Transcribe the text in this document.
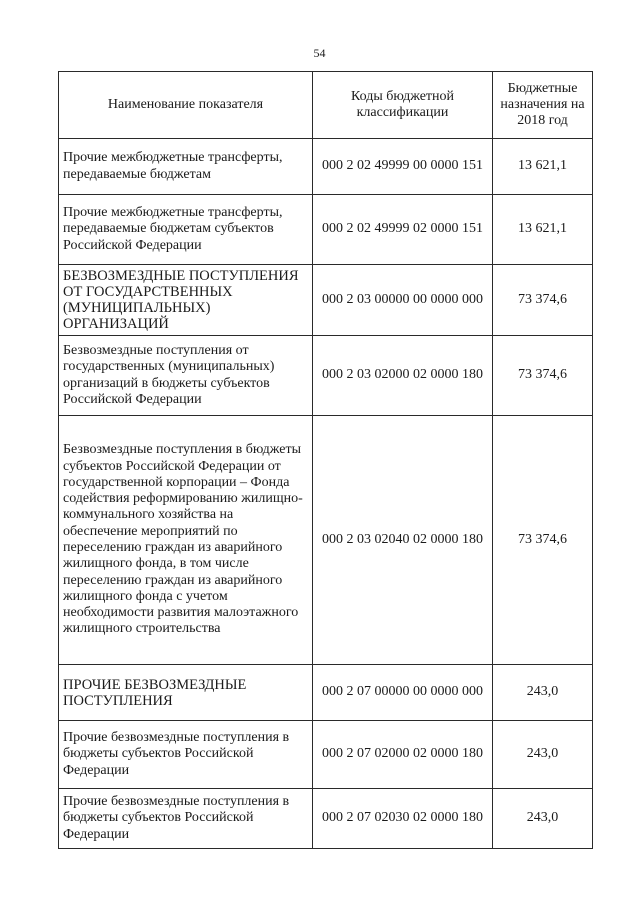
54
Наименование показателя	Коды бюджетной классификации	Бюджетные назначения на 2018 год
Прочие межбюджетные трансферты, передаваемые бюджетам	000 2 02 49999 00 0000 151	13 621,1
Прочие межбюджетные трансферты, передаваемые бюджетам субъектов Российской Федерации	000 2 02 49999 02 0000 151	13 621,1
БЕЗВОЗМЕЗДНЫЕ ПОСТУПЛЕНИЯ ОТ ГОСУДАРСТВЕННЫХ (МУНИЦИПАЛЬНЫХ) ОРГАНИЗАЦИЙ	000 2 03 00000 00 0000 000	73 374,6
Безвозмездные поступления от государственных (муниципальных) организаций в бюджеты субъектов Российской Федерации	000 2 03 02000 02 0000 180	73 374,6
Безвозмездные поступления в бюджеты субъектов Российской Федерации от государственной корпорации – Фонда содействия реформированию жилищно-коммунального хозяйства на обеспечение мероприятий по переселению граждан из аварийного жилищного фонда, в том числе переселению граждан из аварийного жилищного фонда с учетом необходимости развития малоэтажного жилищного строительства	000 2 03 02040 02 0000 180	73 374,6
ПРОЧИЕ БЕЗВОЗМЕЗДНЫЕ ПОСТУПЛЕНИЯ	000 2 07 00000 00 0000 000	243,0
Прочие безвозмездные поступления в бюджеты субъектов Российской Федерации	000 2 07 02000 02 0000 180	243,0
Прочие безвозмездные поступления в бюджеты субъектов Российской Федерации	000 2 07 02030 02 0000 180	243,0
